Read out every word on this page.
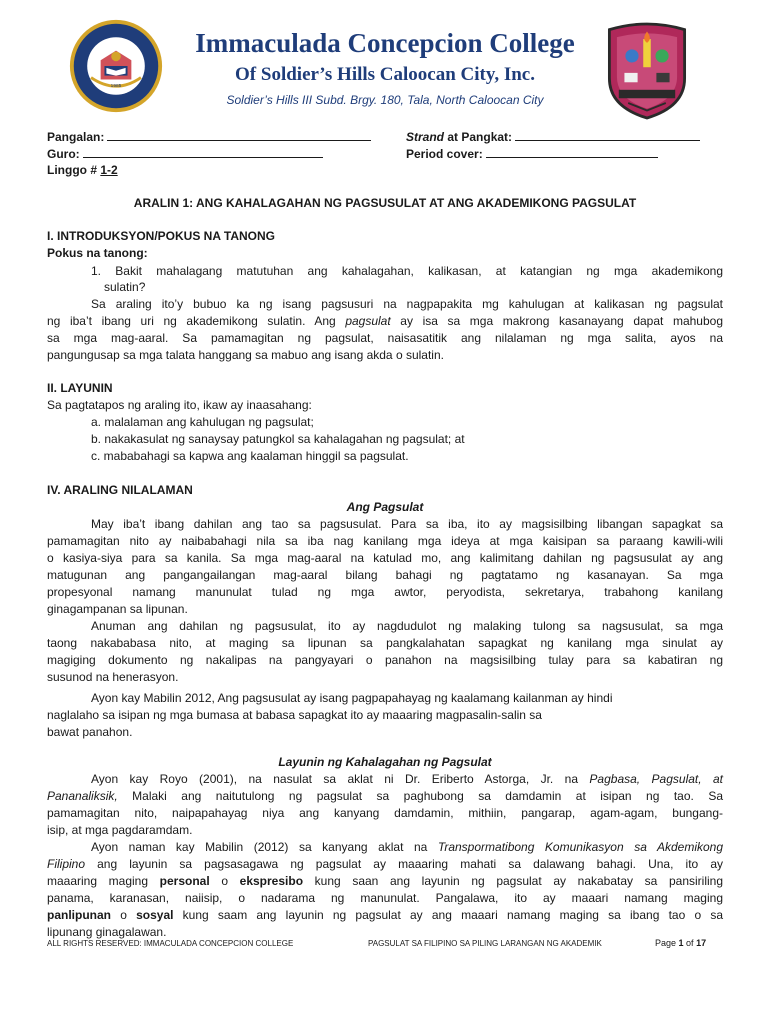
1985
Immaculada Concepcion College
Of Soldier’s Hills Caloocan City, Inc.
Soldier’s Hills III Subd. Brgy. 180, Tala, North Caloocan City
Pangalan:	Strand at Pangkat:
Guro:	Period cover:
Linggo # 1-2
ARALIN 1: ANG KAHALAGAHAN NG PAGSUSULAT AT ANG AKADEMIKONG PAGSULAT
I. INTRODUKSYON/POKUS NA TANONG
Pokus na tanong:
1. Bakit mahalagang matutuhan ang kahalagahan, kalikasan, at katangian ng mga akademikong
sulatin?
Sa araling ito’y bubuo ka ng isang pagsusuri na nagpapakita mg kahulugan at kalikasan ng pagsulat
ng iba’t ibang uri ng akademikong sulatin. Ang pagsulat ay isa sa mga makrong kasanayang dapat mahubog
sa mga mag-aaral. Sa pamamagitan ng pagsulat, naisasatitik ang nilalaman ng mga salita, ayos na
pangungusap sa mga talata hanggang sa mabuo ang isang akda o sulatin.
II. LAYUNIN
Sa pagtatapos ng araling ito, ikaw ay inaasahang:
a. malalaman ang kahulugan ng pagsulat;
b. nakakasulat ng sanaysay patungkol sa kahalagahan ng pagsulat; at
c. mababahagi sa kapwa ang kaalaman hinggil sa pagsulat.
IV. ARALING NILALAMAN
Ang Pagsulat
May iba’t ibang dahilan ang tao sa pagsusulat. Para sa iba, ito ay magsisilbing libangan sapagkat sa
pamamagitan nito ay naibabahagi nila sa iba nag kanilang mga ideya at mga kaisipan sa paraang kawili-wili
o kasiya-siya para sa kanila. Sa mga mag-aaral na katulad mo, ang kalimitang dahilan ng pagsusulat ay ang
matugunan ang pangangailangan mag-aaral bilang bahagi ng pagtatamo ng kasanayan. Sa mga
propesyonal namang manunulat tulad ng mga awtor, peryodista, sekretarya, trabahong kanilang
ginagampanan sa lipunan.
Anuman ang dahilan ng pagsusulat, ito ay nagdudulot ng malaking tulong sa nagsusulat, sa mga
taong nakababasa nito, at maging sa lipunan sa pangkalahatan sapagkat ng kanilang mga sinulat ay
magiging dokumento ng nakalipas na pangyayari o panahon na magsisilbing tulay para sa kabatiran ng
susunod na henerasyon.
Ayon kay Mabilin 2012, Ang pagsusulat ay isang pagpapahayag ng kaalamang kailanman ay hindi
naglalaho sa isipan ng mga bumasa at babasa sapagkat ito ay maaaring magpasalin-salin sa
bawat panahon.
Layunin ng Kahalagahan ng Pagsulat
Ayon kay Royo (2001), na nasulat sa aklat ni Dr. Eriberto Astorga, Jr. na Pagbasa, Pagsulat, at
Pananaliksik, Malaki ang naitutulong ng pagsulat sa paghubong sa damdamin at isipan ng tao. Sa
pamamagitan nito, naipapahayag niya ang kanyang damdamin, mithiin, pangarap, agam-agam, bungang-
isip, at mga pagdaramdam.
Ayon naman kay Mabilin (2012) sa kanyang aklat na Transpormatibong Komunikasyon sa Akdemikong
Filipino ang layunin sa pagsasagawa ng pagsulat ay maaaring mahati sa dalawang bahagi. Una, ito ay
maaaring maging personal o ekspresibo kung saan ang layunin ng pagsulat ay nakabatay sa pansiriling
panama, karanasan, naiisip, o nadarama ng manunulat. Pangalawa, ito ay maaari namang maging
panlipunan o sosyal kung saam ang layunin ng pagsulat ay ang maaari namang maging sa ibang tao o sa
lipunang ginagalawan.
ALL RIGHTS RESERVED: IMMACULADA CONCEPCION COLLEGE	PAGSULAT SA FILIPINO SA PILING LARANGAN NG AKADEMIK	Page 1 of 17
